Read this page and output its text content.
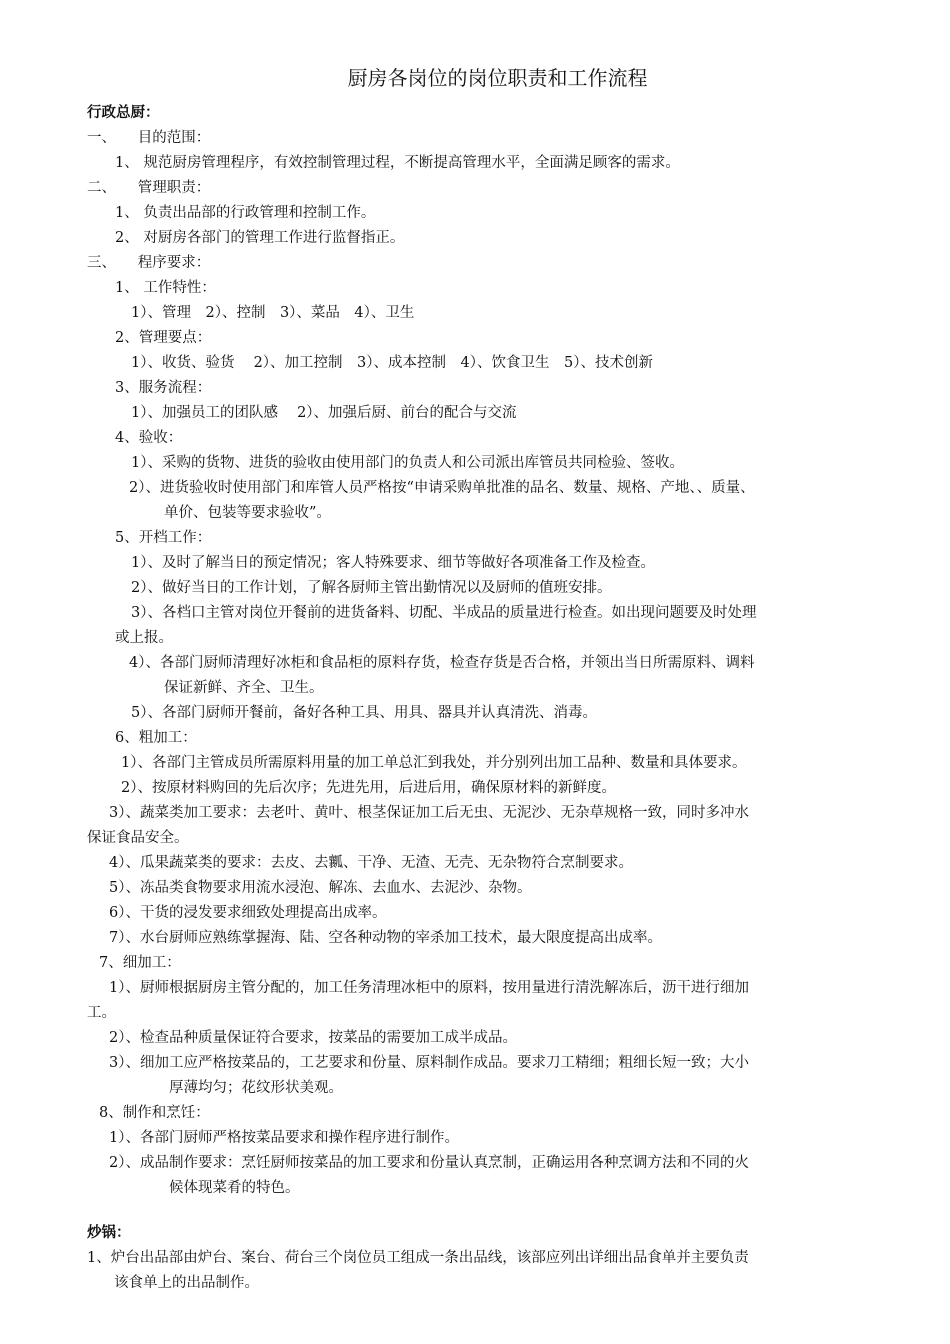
厨房各岗位的岗位职责和工作流程
行政总厨：
一、　　目的范围：
1、 规范厨房管理程序，有效控制管理过程，不断提高管理水平，全面满足顾客的需求。
二、　　管理职责：
1、 负责出品部的行政管理和控制工作。
2、 对厨房各部门的管理工作进行监督指正。
三、　　程序要求：
1、 工作特性：
1）、管理　2）、控制　3）、菜品　4）、卫生
2、管理要点：
1）、收货、验货　 2）、加工控制　3）、成本控制　4）、饮食卫生　5）、技术创新
3、服务流程：
1）、加强员工的团队感　 2）、加强后厨、前台的配合与交流
4、验收：
1）、采购的货物、进货的验收由使用部门的负责人和公司派出库管员共同检验、签收。
2）、进货验收时使用部门和库管人员严格按“申请采购单批准的品名、数量、规格、产地、、质量、
单价、包装等要求验收”。
5、开档工作：
1）、及时了解当日的预定情况；客人特殊要求、细节等做好各项准备工作及检查。
2）、做好当日的工作计划，了解各厨师主管出勤情况以及厨师的值班安排。
3）、各档口主管对岗位开餐前的进货备料、切配、半成品的质量进行检查。如出现问题要及时处理
或上报。
4）、各部门厨师清理好冰柜和食品柜的原料存货，检查存货是否合格，并领出当日所需原料、调料
保证新鲜、齐全、卫生。
5）、各部门厨师开餐前，备好各种工具、用具、器具并认真清洗、消毒。
6、粗加工：
1）、各部门主管成员所需原料用量的加工单总汇到我处，并分别列出加工品种、数量和具体要求。
2）、按原材料购回的先后次序；先进先用，后进后用，确保原材料的新鲜度。
3）、蔬菜类加工要求：去老叶、黄叶、根茎保证加工后无虫、无泥沙、无杂草规格一致，同时多冲水
保证食品安全。
4）、瓜果蔬菜类的要求：去皮、去瓤、干净、无渣、无壳、无杂物符合烹制要求。
5）、冻品类食物要求用流水浸泡、解冻、去血水、去泥沙、杂物。
6）、干货的浸发要求细致处理提高出成率。
7）、水台厨师应熟练掌握海、陆、空各种动物的宰杀加工技术，最大限度提高出成率。
7、细加工：
1）、厨师根据厨房主管分配的，加工任务清理冰柜中的原料，按用量进行清洗解冻后，沥干进行细加
工。
2）、检查品种质量保证符合要求，按菜品的需要加工成半成品。
3）、细加工应严格按菜品的，工艺要求和份量、原料制作成品。要求刀工精细；粗细长短一致；大小
厚薄均匀；花纹形状美观。
8、制作和烹饪：
1）、各部门厨师严格按菜品要求和操作程序进行制作。
2）、成品制作要求：烹饪厨师按菜品的加工要求和份量认真烹制，正确运用各种烹调方法和不同的火
候体现菜肴的特色。
炒锅：
1、炉台出品部由炉台、案台、荷台三个岗位员工组成一条出品线，该部应列出详细出品食单并主要负责
该食单上的出品制作。
